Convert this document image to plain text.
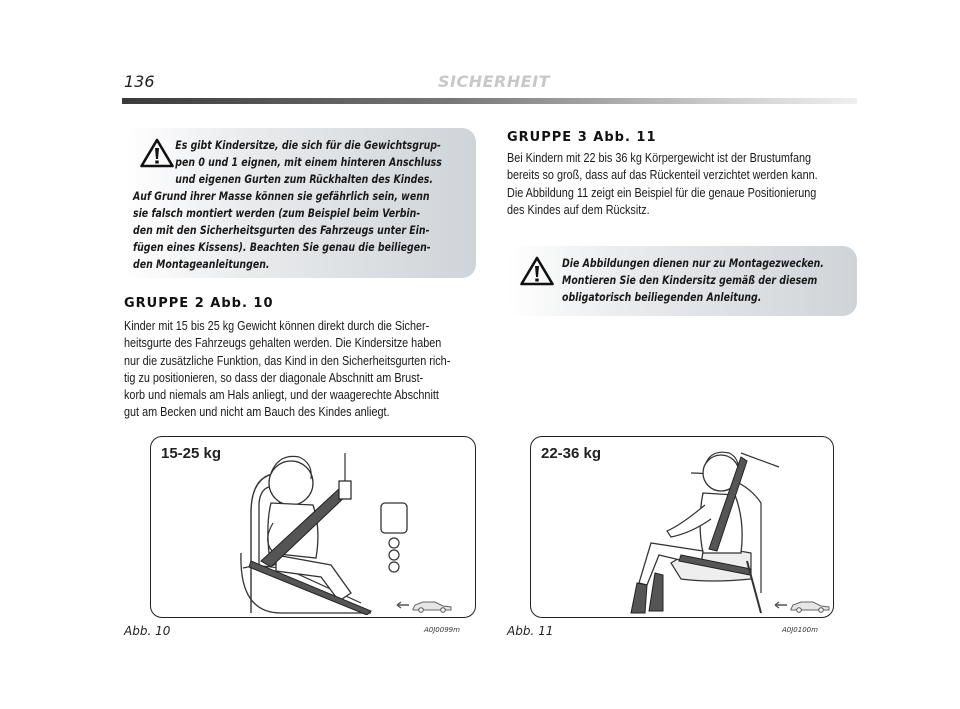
136	SICHERHEIT
Es gibt Kindersitze, die sich für die Gewichtsgrup-
pen 0 und 1 eignen, mit einem hinteren Anschluss
und eigenen Gurten zum Rückhalten des Kindes.
Auf Grund ihrer Masse können sie gefährlich sein, wenn
sie falsch montiert werden (zum Beispiel beim Verbin-
den mit den Sicherheitsgurten des Fahrzeugs unter Ein-
fügen eines Kissens). Beachten Sie genau die beiliegen-
den Montageanleitungen.
GRUPPE 2 Abb. 10
Kinder mit 15 bis 25 kg Gewicht können direkt durch die Sicher-
heitsgurte des Fahrzeugs gehalten werden. Die Kindersitze haben
nur die zusätzliche Funktion, das Kind in den Sicherheitsgurten rich-
tig zu positionieren, so dass der diagonale Abschnitt am Brust-
korb und niemals am Hals anliegt, und der waagerechte Abschnitt
gut am Becken und nicht am Bauch des Kindes anliegt.
GRUPPE 3 Abb. 11
Bei Kindern mit 22 bis 36 kg Körpergewicht ist der Brustumfang
bereits so groß, dass auf das Rückenteil verzichtet werden kann.
Die Abbildung 11 zeigt ein Beispiel für die genaue Positionierung
des Kindes auf dem Rücksitz.
Die Abbildungen dienen nur zu Montagezwecken.
Montieren Sie den Kindersitz gemäß der diesem
obligatorisch beiliegenden Anleitung.
15-25 kg
Abb. 10	A0J0099m
22-36 kg
Abb. 11	A0J0100m
